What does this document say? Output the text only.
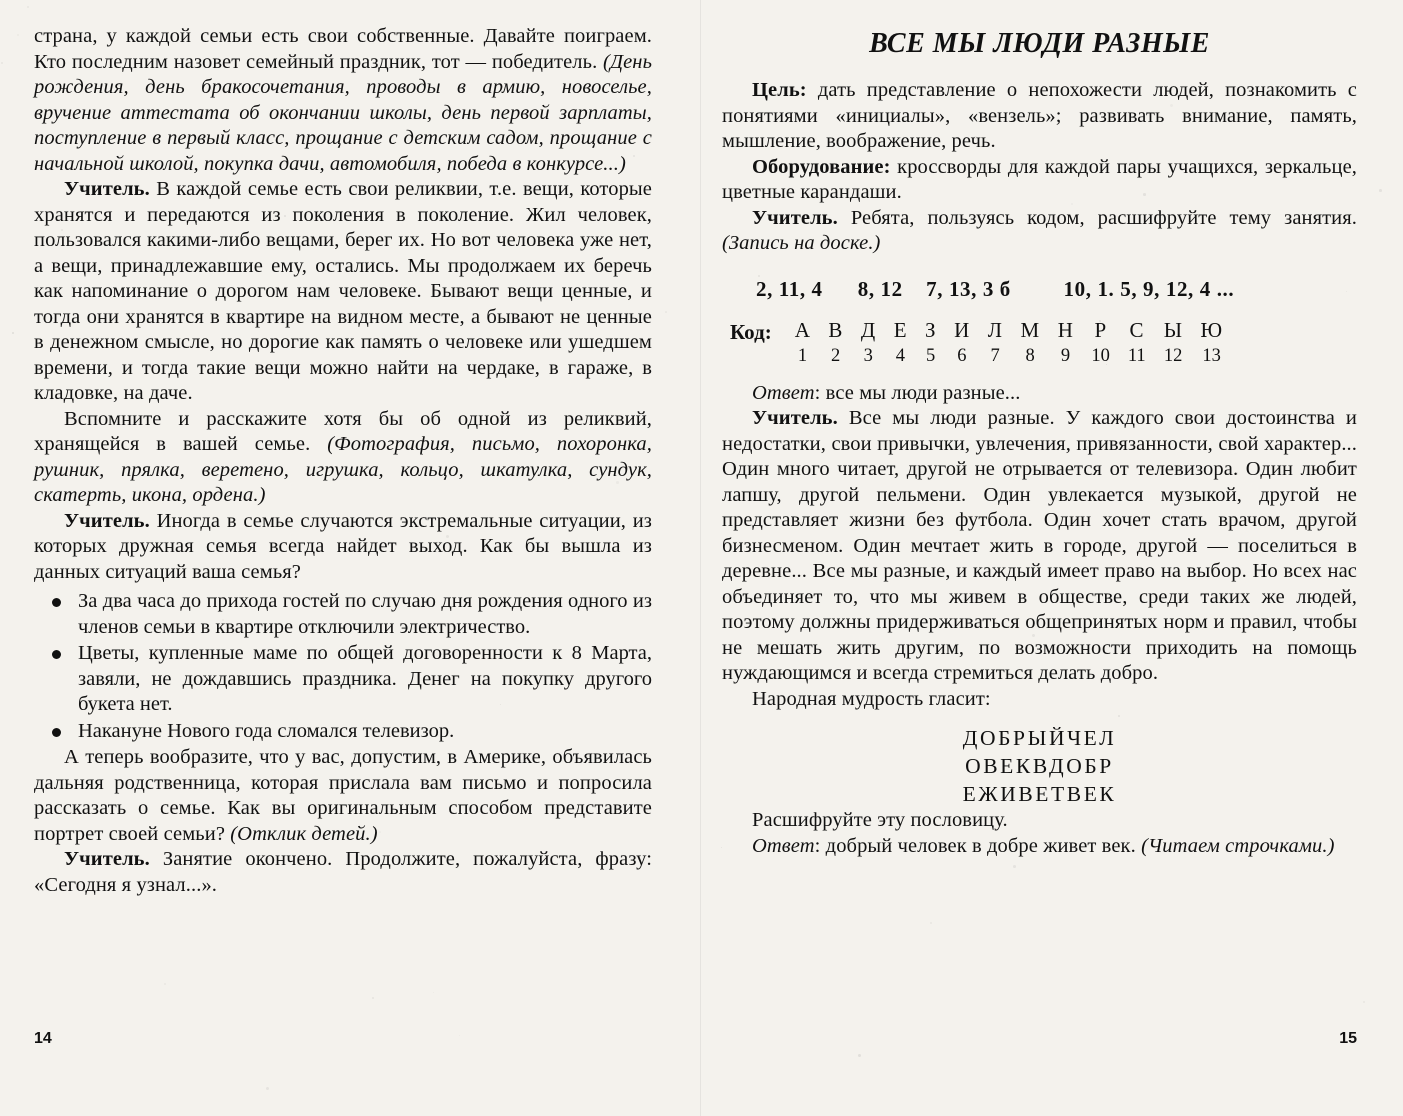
страна, у каждой семьи есть свои собственные. Давайте поиграем. Кто последним назовет семейный праздник, тот — победитель. (День рождения, день бракосочетания, проводы в армию, новоселье, вручение аттестата об окончании школы, день первой зарплаты, поступление в первый класс, прощание с детским садом, прощание с начальной школой, покупка дачи, автомобиля, победа в конкурсе...)

Учитель. В каждой семье есть свои реликвии, т.е. вещи, которые хранятся и передаются из поколения в поколение. Жил человек, пользовался какими-либо вещами, берег их. Но вот человека уже нет, а вещи, принадлежавшие ему, остались. Мы продолжаем их беречь как напоминание о дорогом нам человеке. Бывают вещи ценные, и тогда они хранятся в квартире на видном месте, а бывают не ценные в денежном смысле, но дорогие как память о человеке или ушедшем времени, и тогда такие вещи можно найти на чердаке, в гараже, в кладовке, на даче.

Вспомните и расскажите хотя бы об одной из реликвий, хранящейся в вашей семье. (Фотография, письмо, похоронка, рушник, прялка, веретено, игрушка, кольцо, шкатулка, сундук, скатерть, икона, ордена.)

Учитель. Иногда в семье случаются экстремальные ситуации, из которых дружная семья всегда найдет выход. Как бы вышла из данных ситуаций ваша семья?

За два часа до прихода гостей по случаю дня рождения одного из членов семьи в квартире отключили электричество.
Цветы, купленные маме по общей договоренности к 8 Марта, завяли, не дождавшись праздника. Денег на покупку другого букета нет.
Накануне Нового года сломался телевизор.

А теперь вообразите, что у вас, допустим, в Америке, объявилась дальняя родственница, которая прислала вам письмо и попросила рассказать о семье. Как вы оригинальным способом представите портрет своей семьи? (Отклик детей.)

Учитель. Занятие окончено. Продолжите, пожалуйста, фразу: «Сегодня я узнал...».

14
ВСЕ МЫ ЛЮДИ РАЗНЫЕ

Цель: дать представление о непохожести людей, познакомить с понятиями «инициалы», «вензель»; развивать внимание, память, мышление, воображение, речь.

Оборудование: кроссворды для каждой пары учащихся, зеркальце, цветные карандаши.

Учитель. Ребята, пользуясь кодом, расшифруйте тему занятия. (Запись на доске.)

2, 11, 4      8, 12    7, 13, 3 б         10, 1. 5, 9, 12, 4 ...
Код: А	В	Д	Е	З	И	Л	М	Н	Р	С	Ы	Ю
1	2	3	4	5	6	7	8	9	10	11	12	13

Ответ: все мы люди разные...

Учитель. Все мы люди разные. У каждого свои достоинства и недостатки, свои привычки, увлечения, привязанности, свой характер... Один много читает, другой не отрывается от телевизора. Один любит лапшу, другой пельмени. Один увлекается музыкой, другой не представляет жизни без футбола. Один хочет стать врачом, другой бизнесменом. Один мечтает жить в городе, другой — поселиться в деревне... Все мы разные, и каждый имеет право на выбор. Но всех нас объединяет то, что мы живем в обществе, среди таких же людей, поэтому должны придерживаться общепринятых норм и правил, чтобы не мешать жить другим, по возможности приходить на помощь нуждающимся и всегда стремиться делать добро.

Народная мудрость гласит:

ДОБРЫЙЧЕЛ
ОВЕКВДОБР
ЕЖИВЕТВЕК

Расшифруйте эту пословицу.

Ответ: добрый человек в добре живет век. (Читаем строчками.)

15
